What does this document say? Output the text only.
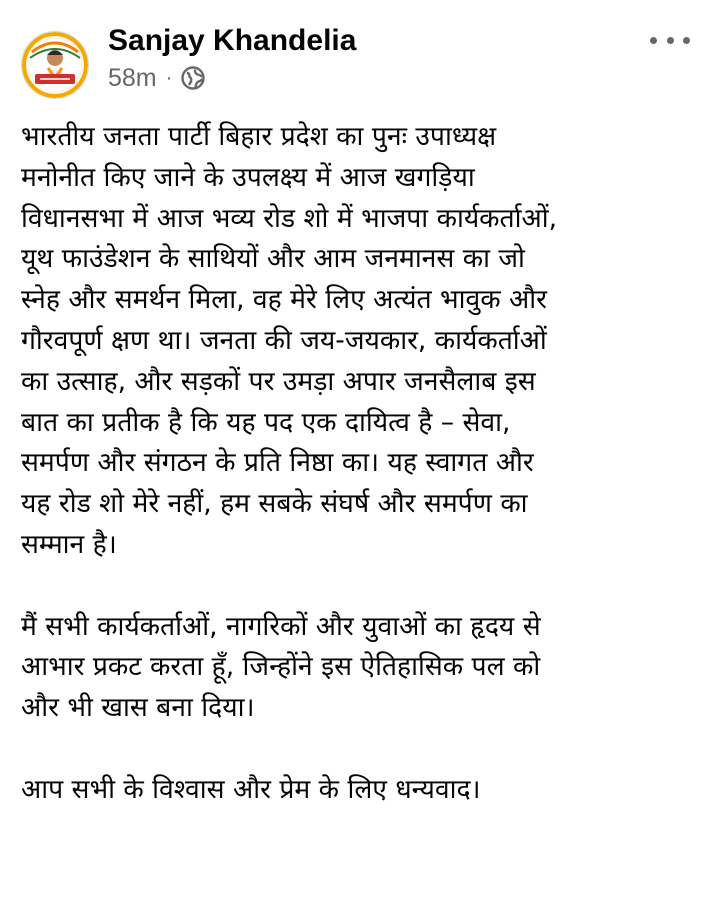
Sanjay Khandelia
58m ·

भारतीय जनता पार्टी बिहार प्रदेश का पुनः उपाध्यक्ष
मनोनीत किए जाने के उपलक्ष्य में आज खगड़िया
विधानसभा में आज भव्य रोड शो में भाजपा कार्यकर्ताओं,
यूथ फाउंडेशन के साथियों और आम जनमानस का जो
स्नेह और समर्थन मिला, वह मेरे लिए अत्यंत भावुक और
गौरवपूर्ण क्षण था। जनता की जय-जयकार, कार्यकर्ताओं
का उत्साह, और सड़कों पर उमड़ा अपार जनसैलाब इस
बात का प्रतीक है कि यह पद एक दायित्व है – सेवा,
समर्पण और संगठन के प्रति निष्ठा का। यह स्वागत और
यह रोड शो मेरे नहीं, हम सबके संघर्ष और समर्पण का
सम्मान है।

मैं सभी कार्यकर्ताओं, नागरिकों और युवाओं का हृदय से
आभार प्रकट करता हूँ, जिन्होंने इस ऐतिहासिक पल को
और भी खास बना दिया।

आप सभी के विश्वास और प्रेम के लिए धन्यवाद।
